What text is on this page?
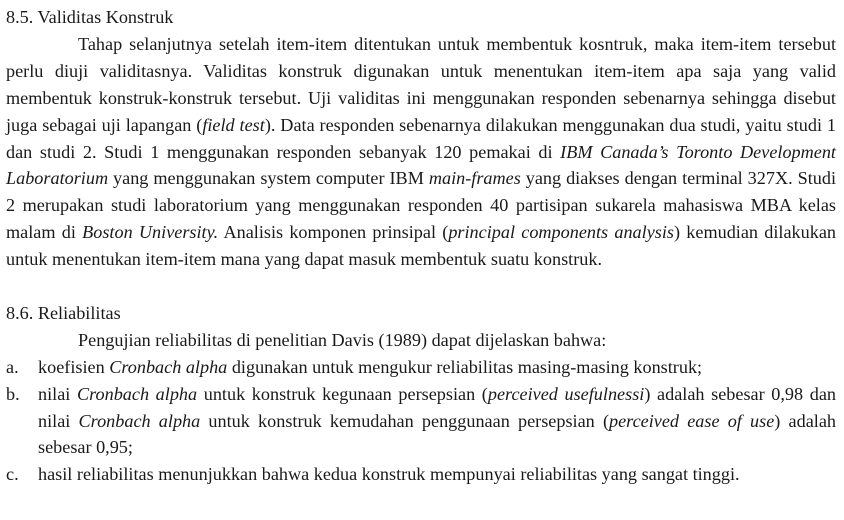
8.5. Validitas Konstruk

Tahap selanjutnya setelah item-item ditentukan untuk membentuk kosntruk, maka item-item tersebut perlu diuji validitasnya. Validitas konstruk digunakan untuk menentukan item-item apa saja yang valid membentuk konstruk-konstruk tersebut. Uji validitas ini menggunakan responden sebenarnya sehingga disebut juga sebagai uji lapangan (field test). Data responden sebenarnya dilakukan menggunakan dua studi, yaitu studi 1 dan studi 2. Studi 1 menggunakan responden sebanyak 120 pemakai di IBM Canada’s Toronto Development Laboratorium yang menggunakan system computer IBM main-frames yang diakses dengan terminal 327X. Studi 2 merupakan studi laboratorium yang menggunakan responden 40 partisipan sukarela mahasiswa MBA kelas malam di Boston University. Analisis komponen prinsipal (principal components analysis) kemudian dilakukan untuk menentukan item-item mana yang dapat masuk membentuk suatu konstruk.

8.6. Reliabilitas

Pengujian reliabilitas di penelitian Davis (1989) dapat dijelaskan bahwa:

a.	koefisien Cronbach alpha digunakan untuk mengukur reliabilitas masing-masing konstruk;
b.	nilai Cronbach alpha untuk konstruk kegunaan persepsian (perceived usefulnessi) adalah sebesar 0,98 dan nilai Cronbach alpha untuk konstruk kemudahan penggunaan persepsian (perceived ease of use) adalah sebesar 0,95;
c.	hasil reliabilitas menunjukkan bahwa kedua konstruk mempunyai reliabilitas yang sangat tinggi.
